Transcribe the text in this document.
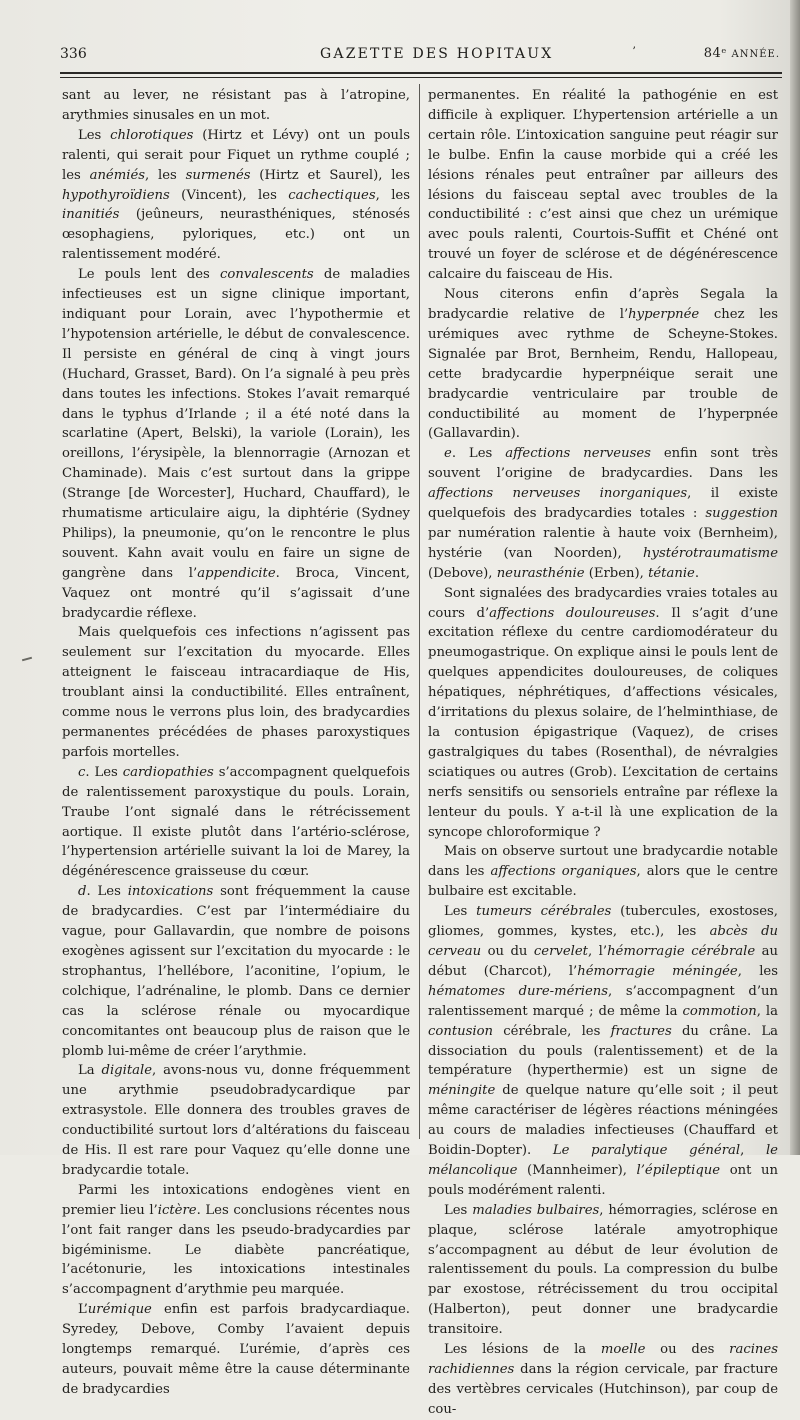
336	GAZETTE DES HOPITAUX	ʼ	84ᵉ ANNÉE.

sant au lever, ne résistant pas à l’atropine, arythmies sinusales en un mot.

Les chlorotiques (Hirtz et Lévy) ont un pouls ralenti, qui serait pour Fiquet un rythme couplé ; les anémiés, les surmenés (Hirtz et Saurel), les hypothyroïdiens (Vincent), les cachectiques, les inanitiés (jeûneurs, neurasthéniques, sténosés œsophagiens, pyloriques, etc.) ont un ralentissement modéré.

Le pouls lent des convalescents de maladies infectieuses est un signe clinique important, indiquant pour Lorain, avec l’hypothermie et l’hypotension artérielle, le début de convalescence. Il persiste en général de cinq à vingt jours (Huchard, Grasset, Bard). On l’a signalé à peu près dans toutes les infections. Stokes l’avait remarqué dans le typhus d’Irlande ; il a été noté dans la scarlatine (Apert, Belski), la variole (Lorain), les oreillons, l’érysipèle, la blennorragie (Arnozan et Chaminade). Mais c’est surtout dans la grippe (Strange [de Worcester], Huchard, Chauffard), le rhumatisme articulaire aigu, la diphtérie (Sydney Philips), la pneumonie, qu’on le rencontre le plus souvent. Kahn avait voulu en faire un signe de gangrène dans l’appendicite. Broca, Vincent, Vaquez ont montré qu’il s’agissait d’une bradycardie réflexe.

Mais quelquefois ces infections n’agissent pas seulement sur l’excitation du myocarde. Elles atteignent le faisceau intracardiaque de His, troublant ainsi la conductibilité. Elles entraînent, comme nous le verrons plus loin, des bradycardies permanentes précédées de phases paroxystiques parfois mortelles.

c. Les cardiopathies s’accompagnent quelquefois de ralentissement paroxystique du pouls. Lorain, Traube l’ont signalé dans le rétrécissement aortique. Il existe plutôt dans l’artério-sclérose, l’hypertension artérielle suivant la loi de Marey, la dégénérescence graisseuse du cœur.

d. Les intoxications sont fréquemment la cause de bradycardies. C’est par l’intermédiaire du vague, pour Gallavardin, que nombre de poisons exogènes agissent sur l’excitation du myocarde : le strophantus, l’hellébore, l’aconitine, l’opium, le colchique, l’adrénaline, le plomb. Dans ce dernier cas la sclérose rénale ou myocardique concomitantes ont beaucoup plus de raison que le plomb lui-même de créer l’arythmie.

La digitale, avons-nous vu, donne fréquemment une arythmie pseudobradycardique par extrasystole. Elle donnera des troubles graves de conductibilité surtout lors d’altérations du faisceau de His. Il est rare pour Vaquez qu’elle donne une bradycardie totale.

Parmi les intoxications endogènes vient en premier lieu l’ictère. Les conclusions récentes nous l’ont fait ranger dans les pseudo-bradycardies par bigéminisme. Le diabète pancréatique, l’acétonurie, les intoxications intestinales s’accompagnent d’arythmie peu marquée.

L’urémique enfin est parfois bradycardiaque. Syredey, Debove, Comby l’avaient depuis longtemps remarqué. L’urémie, d’après ces auteurs, pouvait même être la cause déterminante de bradycardies

permanentes. En réalité la pathogénie en est difficile à expliquer. L’hypertension artérielle a un certain rôle. L’intoxication sanguine peut réagir sur le bulbe. Enfin la cause morbide qui a créé les lésions rénales peut entraîner par ailleurs des lésions du faisceau septal avec troubles de la conductibilité : c’est ainsi que chez un urémique avec pouls ralenti, Courtois-Suffit et Chéné ont trouvé un foyer de sclérose et de dégénérescence calcaire du faisceau de His.

Nous citerons enfin d’après Segala la bradycardie relative de l’hyperpnée chez les urémiques avec rythme de Scheyne-Stokes. Signalée par Brot, Bernheim, Rendu, Hallopeau, cette bradycardie hyperpnéique serait une bradycardie ventriculaire par trouble de conductibilité au moment de l’hyperpnée (Gallavardin).

e. Les affections nerveuses enfin sont très souvent l’origine de bradycardies. Dans les affections nerveuses inorganiques, il existe quelquefois des bradycardies totales : suggestion par numération ralentie à haute voix (Bernheim), hystérie (van Noorden), hystérotraumatisme (Debove), neurasthénie (Erben), tétanie.

Sont signalées des bradycardies vraies totales au cours d’affections douloureuses. Il s’agit d’une excitation réflexe du centre cardiomodérateur du pneumogastrique. On explique ainsi le pouls lent de quelques appendicites douloureuses, de coliques hépatiques, néphrétiques, d’affections vésicales, d’irritations du plexus solaire, de l’helminthiase, de la contusion épigastrique (Vaquez), de crises gastralgiques du tabes (Rosenthal), de névralgies sciatiques ou autres (Grob). L’excitation de certains nerfs sensitifs ou sensoriels entraîne par réflexe la lenteur du pouls. Y a-t-il là une explication de la syncope chloroformique ?

Mais on observe surtout une bradycardie notable dans les affections organiques, alors que le centre bulbaire est excitable.

Les tumeurs cérébrales (tubercules, exostoses, gliomes, gommes, kystes, etc.), les abcès du cerveau ou du cervelet, l’hémorragie cérébrale au début (Charcot), l’hémorragie méningée, les hématomes dure-mériens, s’accompagnent d’un ralentissement marqué ; de même la commotion, la contusion cérébrale, les fractures du crâne. La dissociation du pouls (ralentissement) et de la température (hyperthermie) est un signe de méningite de quelque nature qu’elle soit ; il peut même caractériser de légères réactions méningées au cours de maladies infectieuses (Chauffard et Boidin-Dopter). Le paralytique général, le mélancolique (Mannheimer), l’épileptique ont un pouls modérément ralenti.

Les maladies bulbaires, hémorragies, sclérose en plaque, sclérose latérale amyotrophique s’accompagnent au début de leur évolution de ralentissement du pouls. La compression du bulbe par exostose, rétrécissement du trou occipital (Halberton), peut donner une bradycardie transitoire.

Les lésions de la moelle ou des racines rachidiennes dans la région cervicale, par fracture des vertèbres cervicales (Hutchinson), par coup de cou-
